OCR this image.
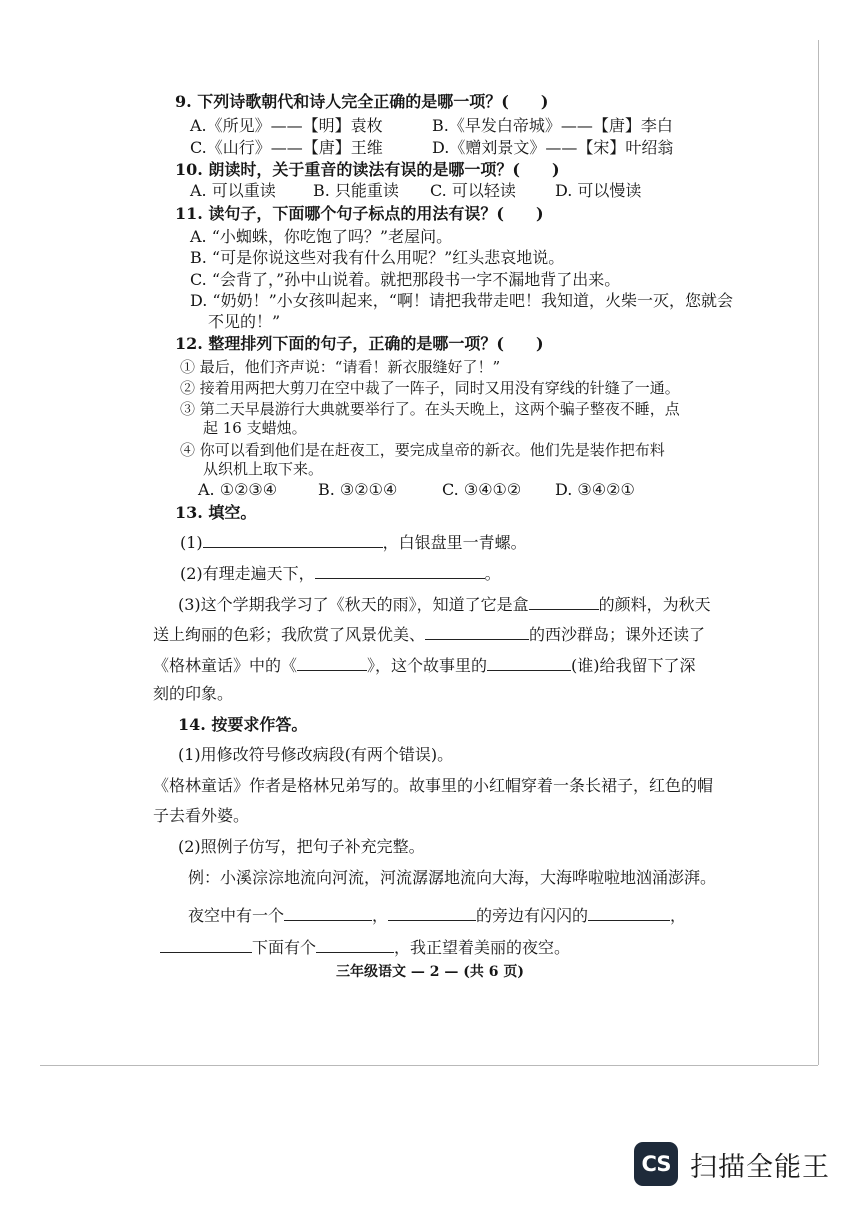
9. 下列诗歌朝代和诗人完全正确的是哪一项？(　　)
A.《所见》——【明】袁枚	B.《早发白帝城》——【唐】李白
C.《山行》——【唐】王维	D.《赠刘景文》——【宋】叶绍翁
10. 朗读时，关于重音的读法有误的是哪一项？(　　)
A. 可以重读 B. 只能重读 C. 可以轻读 D. 可以慢读
11. 读句子，下面哪个句子标点的用法有误？(　　)
A. “小蜘蛛，你吃饱了吗？”老屋问。
B. “可是你说这些对我有什么用呢？”红头悲哀地说。
C. “会背了，”孙中山说着。就把那段书一字不漏地背了出来。
D. “奶奶！”小女孩叫起来，“啊！请把我带走吧！我知道，火柴一灭，您就会
不见的！”
12. 整理排列下面的句子，正确的是哪一项？(　　)
① 最后，他们齐声说：“请看！新衣服缝好了！”
② 接着用两把大剪刀在空中裁了一阵子，同时又用没有穿线的针缝了一通。
③ 第二天早晨游行大典就要举行了。在头天晚上，这两个骗子整夜不睡，点
起 16 支蜡烛。
④ 你可以看到他们是在赶夜工，要完成皇帝的新衣。他们先是装作把布料
从织机上取下来。
A. ①②③④	B. ③②①④	C. ③④①② D. ③④②①
13. 填空。
(1)	，白银盘里一青螺。
(2)有理走遍天下，	。
(3)这个学期我学习了《秋天的雨》，知道了它是盒	的颜料，为秋天
送上绚丽的色彩；我欣赏了风景优美、	的西沙群岛；课外还读了
《格林童话》中的《	》，这个故事里的	(谁)给我留下了深
刻的印象。
14. 按要求作答。
(1)用修改符号修改病段(有两个错误)。
《格林童话》作者是格林兄弟写的。故事里的小红帽穿着一条长裙子，红色的帽
子去看外婆。
(2)照例子仿写，把句子补充完整。
例：小溪淙淙地流向河流，河流潺潺地流向大海，大海哗啦啦地汹涌澎湃。
夜空中有一个	，	的旁边有闪闪的	，
下面有个	，我正望着美丽的夜空。
三年级语文 — 2 — (共 6 页)
CS 扫描全能王
